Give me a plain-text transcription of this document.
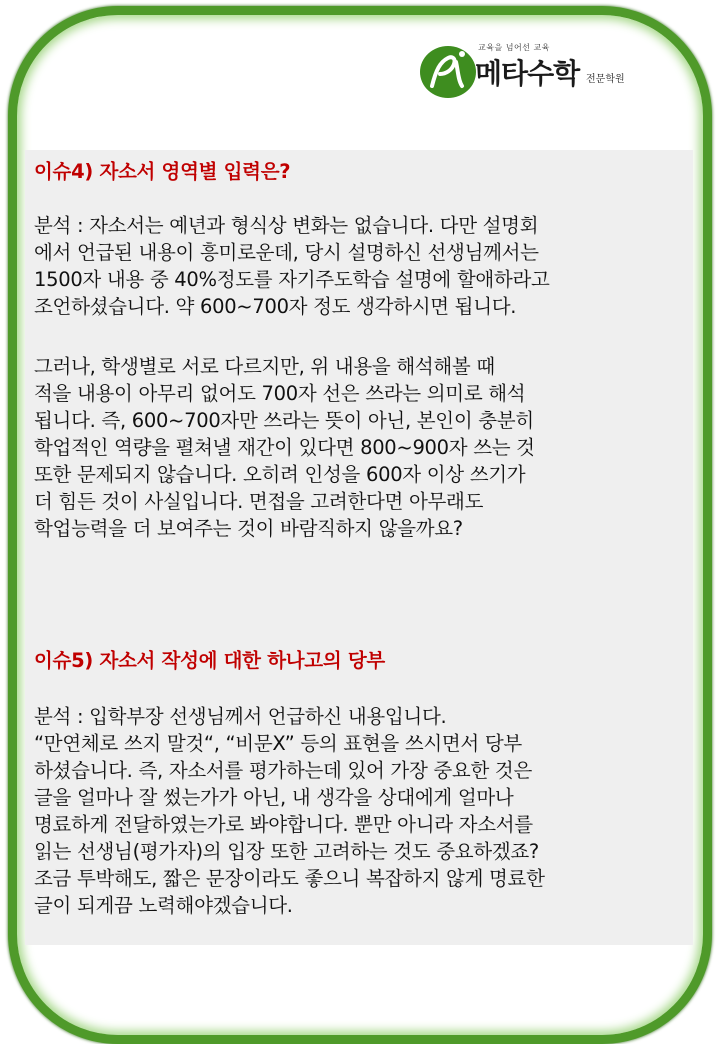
교육을 넘어선 교육
메타수학 전문학원
이슈4) 자소서 영역별 입력은?
분석 : 자소서는 예년과 형식상 변화는 없습니다. 다만 설명회
에서 언급된 내용이 흥미로운데, 당시 설명하신 선생님께서는
1500자 내용 중 40%정도를 자기주도학습 설명에 할애하라고
조언하셨습니다. 약 600~700자 정도 생각하시면 됩니다.
그러나, 학생별로 서로 다르지만, 위 내용을 해석해볼 때
적을 내용이 아무리 없어도 700자 선은 쓰라는 의미로 해석
됩니다. 즉, 600~700자만 쓰라는 뜻이 아닌, 본인이 충분히
학업적인 역량을 펼쳐낼 재간이 있다면 800~900자 쓰는 것
또한 문제되지 않습니다. 오히려 인성을 600자 이상 쓰기가
더 힘든 것이 사실입니다. 면접을 고려한다면 아무래도
학업능력을 더 보여주는 것이 바람직하지 않을까요?
이슈5) 자소서 작성에 대한 하나고의 당부
분석 : 입학부장 선생님께서 언급하신 내용입니다.
“만연체로 쓰지 말것“, “비문X” 등의 표현을 쓰시면서 당부
하셨습니다. 즉, 자소서를 평가하는데 있어 가장 중요한 것은
글을 얼마나 잘 썼는가가 아닌, 내 생각을 상대에게 얼마나
명료하게 전달하였는가로 봐야합니다. 뿐만 아니라 자소서를
읽는 선생님(평가자)의 입장 또한 고려하는 것도 중요하겠죠?
조금 투박해도, 짧은 문장이라도 좋으니 복잡하지 않게 명료한
글이 되게끔 노력해야겠습니다.
